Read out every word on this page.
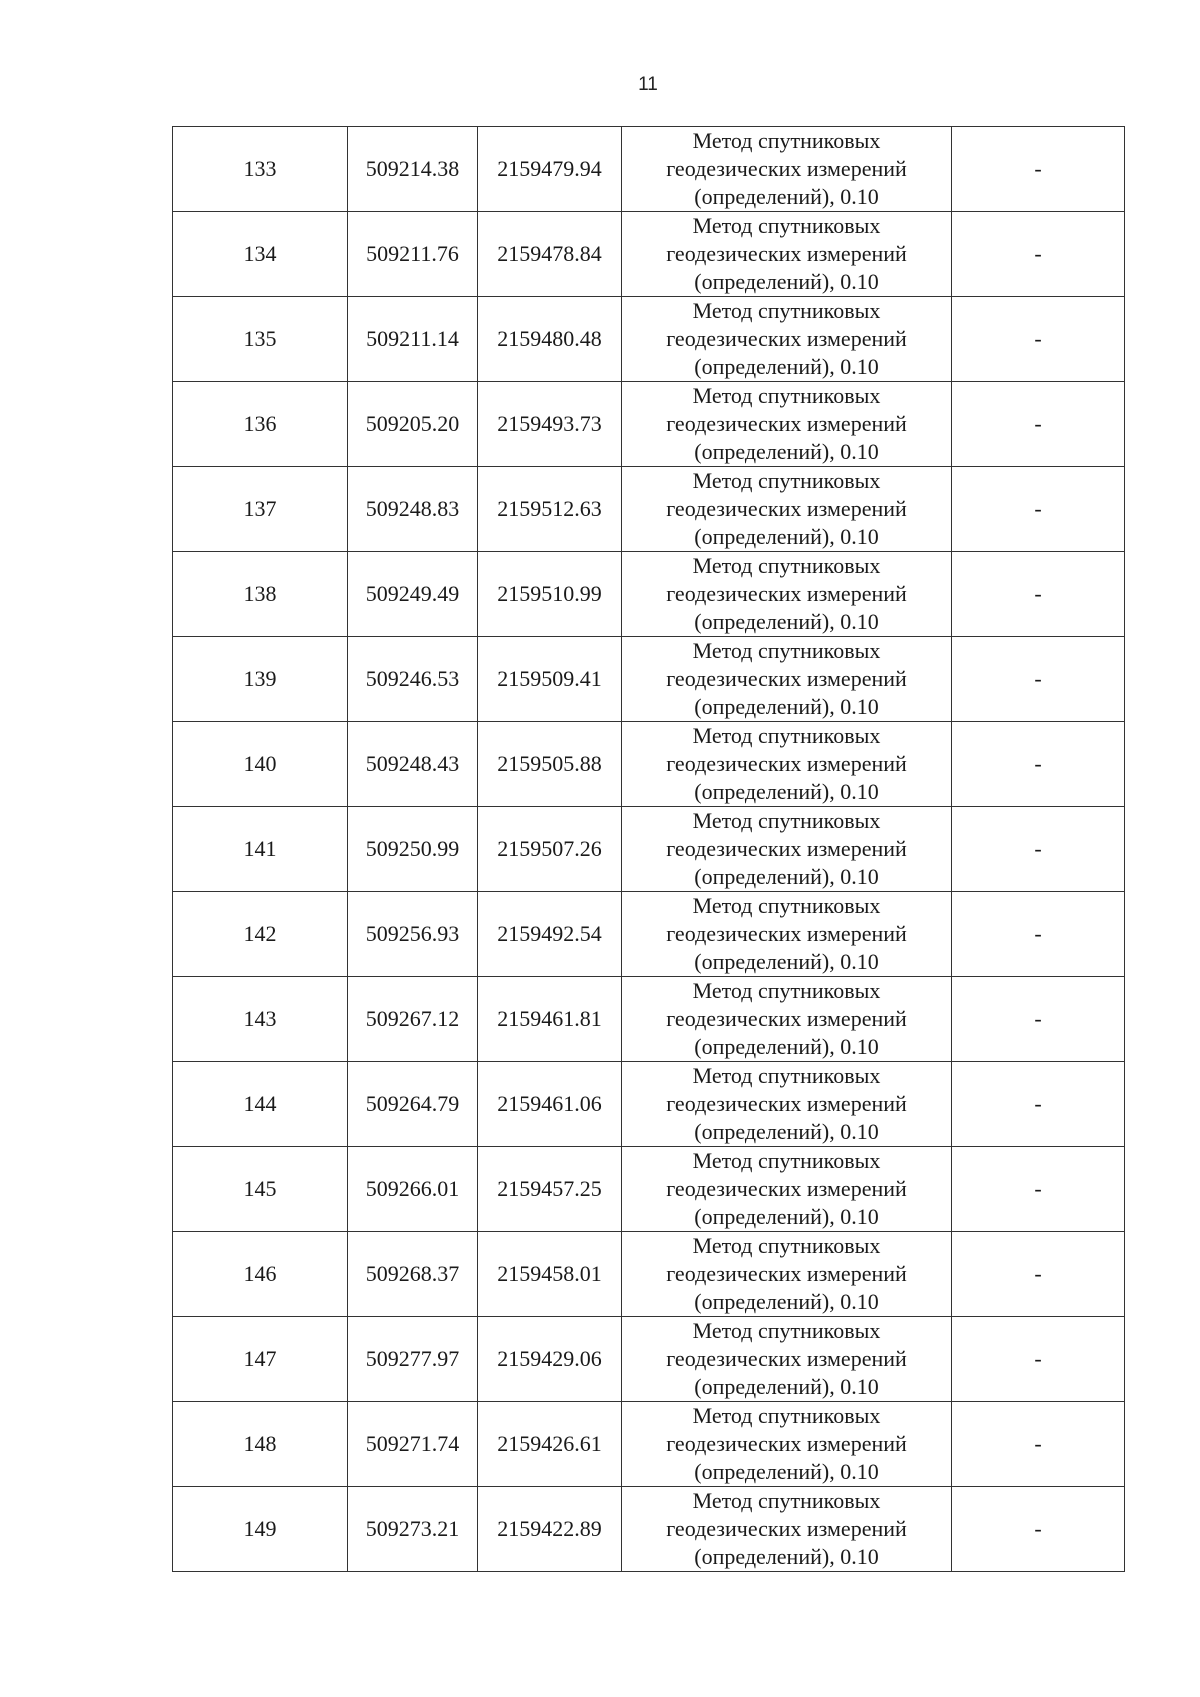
11
133	509214.38	2159479.94	Метод спутниковых
геодезических измерений
(определений), 0.10	-
134	509211.76	2159478.84	Метод спутниковых
геодезических измерений
(определений), 0.10	-
135	509211.14	2159480.48	Метод спутниковых
геодезических измерений
(определений), 0.10	-
136	509205.20	2159493.73	Метод спутниковых
геодезических измерений
(определений), 0.10	-
137	509248.83	2159512.63	Метод спутниковых
геодезических измерений
(определений), 0.10	-
138	509249.49	2159510.99	Метод спутниковых
геодезических измерений
(определений), 0.10	-
139	509246.53	2159509.41	Метод спутниковых
геодезических измерений
(определений), 0.10	-
140	509248.43	2159505.88	Метод спутниковых
геодезических измерений
(определений), 0.10	-
141	509250.99	2159507.26	Метод спутниковых
геодезических измерений
(определений), 0.10	-
142	509256.93	2159492.54	Метод спутниковых
геодезических измерений
(определений), 0.10	-
143	509267.12	2159461.81	Метод спутниковых
геодезических измерений
(определений), 0.10	-
144	509264.79	2159461.06	Метод спутниковых
геодезических измерений
(определений), 0.10	-
145	509266.01	2159457.25	Метод спутниковых
геодезических измерений
(определений), 0.10	-
146	509268.37	2159458.01	Метод спутниковых
геодезических измерений
(определений), 0.10	-
147	509277.97	2159429.06	Метод спутниковых
геодезических измерений
(определений), 0.10	-
148	509271.74	2159426.61	Метод спутниковых
геодезических измерений
(определений), 0.10	-
149	509273.21	2159422.89	Метод спутниковых
геодезических измерений
(определений), 0.10	-
